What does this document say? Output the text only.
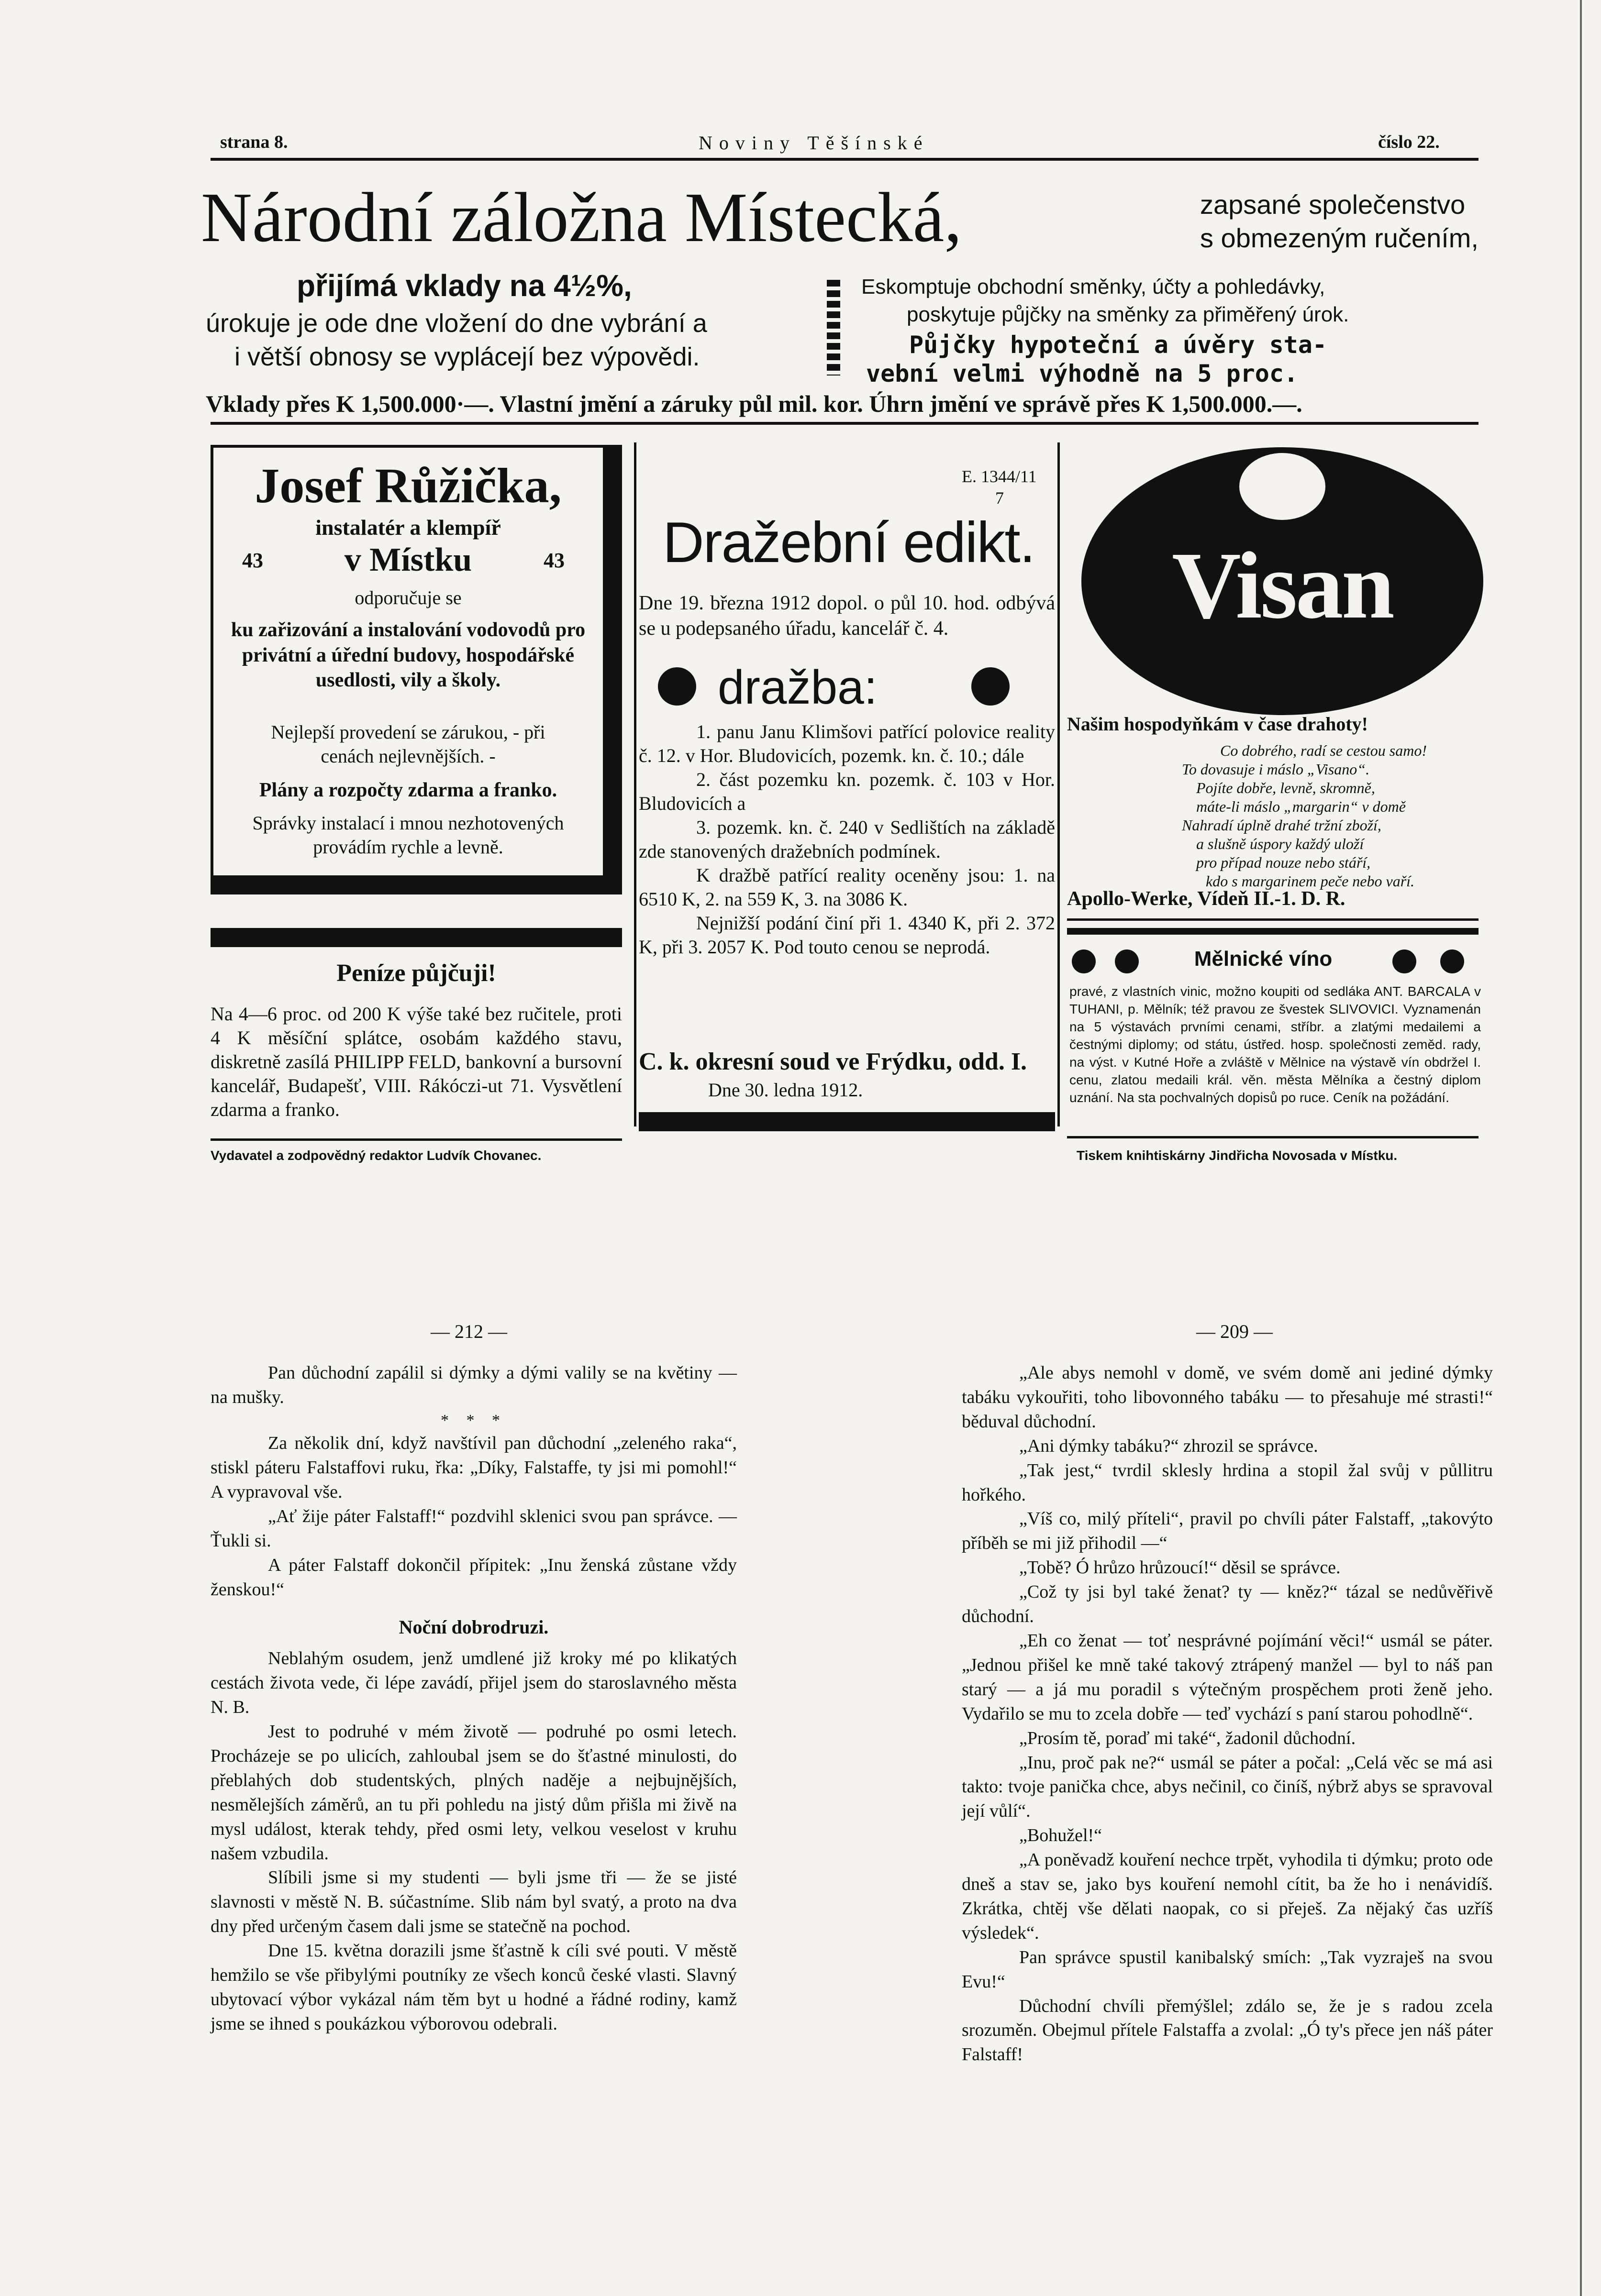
strana 8.	Noviny Těšínské	číslo 22.
Národní záložna Místecká,	zapsané společenstvo
s obmezeným ručením,
přijímá vklady na 4½%,
úrokuje je ode dne vložení do dne vybrání a
i větší obnosy se vyplácejí bez výpovědi.
Eskomptuje obchodní směnky, účty a pohledávky,
poskytuje půjčky na směnky za přiměřený úrok.
Půjčky hypoteční a úvěry sta-
vební velmi výhodně na 5 proc.
Vklady přes K 1,500.000·—. Vlastní jmění a záruky půl mil. kor. Úhrn jmění ve správě přes K 1,500.000.—.
Josef Růžička,
instalatér a klempíř
43	v Místku	43
odporučuje se
ku zařizování a instalování vodovodů pro privátní a úřední budovy, hospodářské usedlosti, vily a školy.
Nejlepší provedení se zárukou, - při cenách nejlevnějších. -
Plány a rozpočty zdarma a franko.
Správky instalací i mnou nezhotovených provádím rychle a levně.
Peníze půjčuji!
Na 4—6 proc. od 200 K výše také bez ručitele, proti 4 K měsíční splátce, osobám každého stavu, diskretně zasílá PHILIPP FELD, bankovní a bursovní kancelář, Budapešť, VIII. Rákóczi-ut 71. Vysvětlení zdarma a franko.
E. 1344/11
7
Dražební edikt.
Dne 19. března 1912 dopol. o půl 10. hod. odbývá se u podepsaného úřadu, kancelář č. 4.
dražba:

1. panu Janu Klimšovi patřící polovice reality č. 12. v Hor. Bludovicích, pozemk. kn. č. 10.; dále

2. část pozemku kn. pozemk. č. 103 v Hor. Bludovicích a

3. pozemk. kn. č. 240 v Sedlištích na základě zde stanovených dražebních podmínek.

K dražbě patřící reality oceněny jsou: 1. na 6510 K, 2. na 559 K, 3. na 3086 K.

Nejnižší podání činí při 1. 4340 K, při 2. 372 K, při 3. 2057 K. Pod touto cenou se neprodá.

C. k. okresní soud ve Frýdku, odd. I.
Dne 30. ledna 1912.
Visan
Našim hospodyňkám v čase drahoty!
Co dobrého, radí se cestou samo!
To dovasuje i máslo „Visano“.
Pojíte dobře, levně, skromně,
máte-li máslo „margarin“ v domě
Nahradí úplně drahé tržní zboží,
a slušně úspory každý uloží
pro případ nouze nebo stáří,
kdo s margarinem peče nebo vaří.
Apollo-Werke, Vídeň II.-1. D. R.
Mělnické víno
pravé, z vlastních vinic, možno koupiti od sedláka ANT. BARCALA v TUHANI, p. Mělník; též pravou ze švestek SLIVOVICI. Vyznamenán na 5 výstavách prvními cenami, stříbr. a zlatými medailemi a čestnými diplomy; od státu, ústřed. hosp. společnosti zeměd. rady, na výst. v Kutné Hoře a zvláště v Mělnice na výstavě vín obdržel I. cenu, zlatou medaili král. věn. města Mělníka a čestný diplom uznání. Na sta pochvalných dopisů po ruce. Ceník na požádání.
Vydavatel a zodpovědný redaktor Ludvík Chovanec.	Tiskem knihtiskárny Jindřicha Novosada v Místku.
— 212 —

Pan důchodní zapálil si dýmky a dými valily se na květiny — na mušky.

* * *

Za několik dní, když navštívil pan důchodní „zeleného raka“, stiskl páteru Falstaffovi ruku, řka: „Díky, Falstaffe, ty jsi mi pomohl!“ A vypravoval vše.

„Ať žije páter Falstaff!“ pozdvihl sklenici svou pan správce. — Ťukli si.

A páter Falstaff dokončil přípitek: „Inu ženská zůstane vždy ženskou!“

Noční dobrodruzi.

Neblahým osudem, jenž umdlené již kroky mé po klikatých cestách života vede, či lépe zavádí, přijel jsem do staroslavného města N. B.

Jest to podruhé v mém životě — podruhé po osmi letech. Procházeje se po ulicích, zahloubal jsem se do šťastné minulosti, do přeblahých dob studentských, plných naděje a nejbujnějších, nesmělejších záměrů, an tu při pohledu na jistý dům přišla mi živě na mysl událost, kterak tehdy, před osmi lety, velkou veselost v kruhu našem vzbudila.

Slíbili jsme si my studenti — byli jsme tři — že se jisté slavnosti v městě N. B. súčastníme. Slib nám byl svatý, a proto na dva dny před určeným časem dali jsme se statečně na pochod.

Dne 15. května dorazili jsme šťastně k cíli své pouti. V městě hemžilo se vše přibylými poutníky ze všech konců české vlasti. Slavný ubytovací výbor vykázal nám těm byt u hodné a řádné rodiny, kamž jsme se ihned s poukázkou výborovou odebrali.

— 209 —

„Ale abys nemohl v domě, ve svém domě ani jediné dýmky tabáku vykouřiti, toho libovonného tabáku — to přesahuje mé strasti!“ běduval důchodní.

„Ani dýmky tabáku?“ zhrozil se správce.

„Tak jest,“ tvrdil sklesly hrdina a stopil žal svůj v půllitru hořkého.

„Víš co, milý příteli“, pravil po chvíli páter Falstaff, „takovýto příběh se mi již přihodil —“

„Tobě? Ó hrůzo hrůzoucí!“ děsil se správce.

„Což ty jsi byl také ženat? ty — kněz?“ tázal se nedůvěřivě důchodní.

„Eh co ženat — toť nesprávné pojímání věci!“ usmál se páter. „Jednou přišel ke mně také takový ztrápený manžel — byl to náš pan starý — a já mu poradil s výtečným prospěchem proti ženě jeho. Vydařilo se mu to zcela dobře — teď vychází s paní starou pohodlně“.

„Prosím tě, poraď mi také“, žadonil důchodní.

„Inu, proč pak ne?“ usmál se páter a počal: „Celá věc se má asi takto: tvoje panička chce, abys nečinil, co činíš, nýbrž abys se spravoval její vůlí“.

„Bohužel!“

„A poněvadž kouření nechce trpět, vyhodila ti dýmku; proto ode dneš a stav se, jako bys kouření nemohl cítit, ba že ho i nenávidíš. Zkrátka, chtěj vše dělati naopak, co si přeješ. Za nějaký čas uzříš výsledek“.

Pan správce spustil kanibalský smích: „Tak vyzraješ na svou Evu!“

Důchodní chvíli přemýšlel; zdálo se, že je s radou zcela srozuměn. Obejmul přítele Falstaffa a zvolal: „Ó ty's přece jen náš páter Falstaff!
